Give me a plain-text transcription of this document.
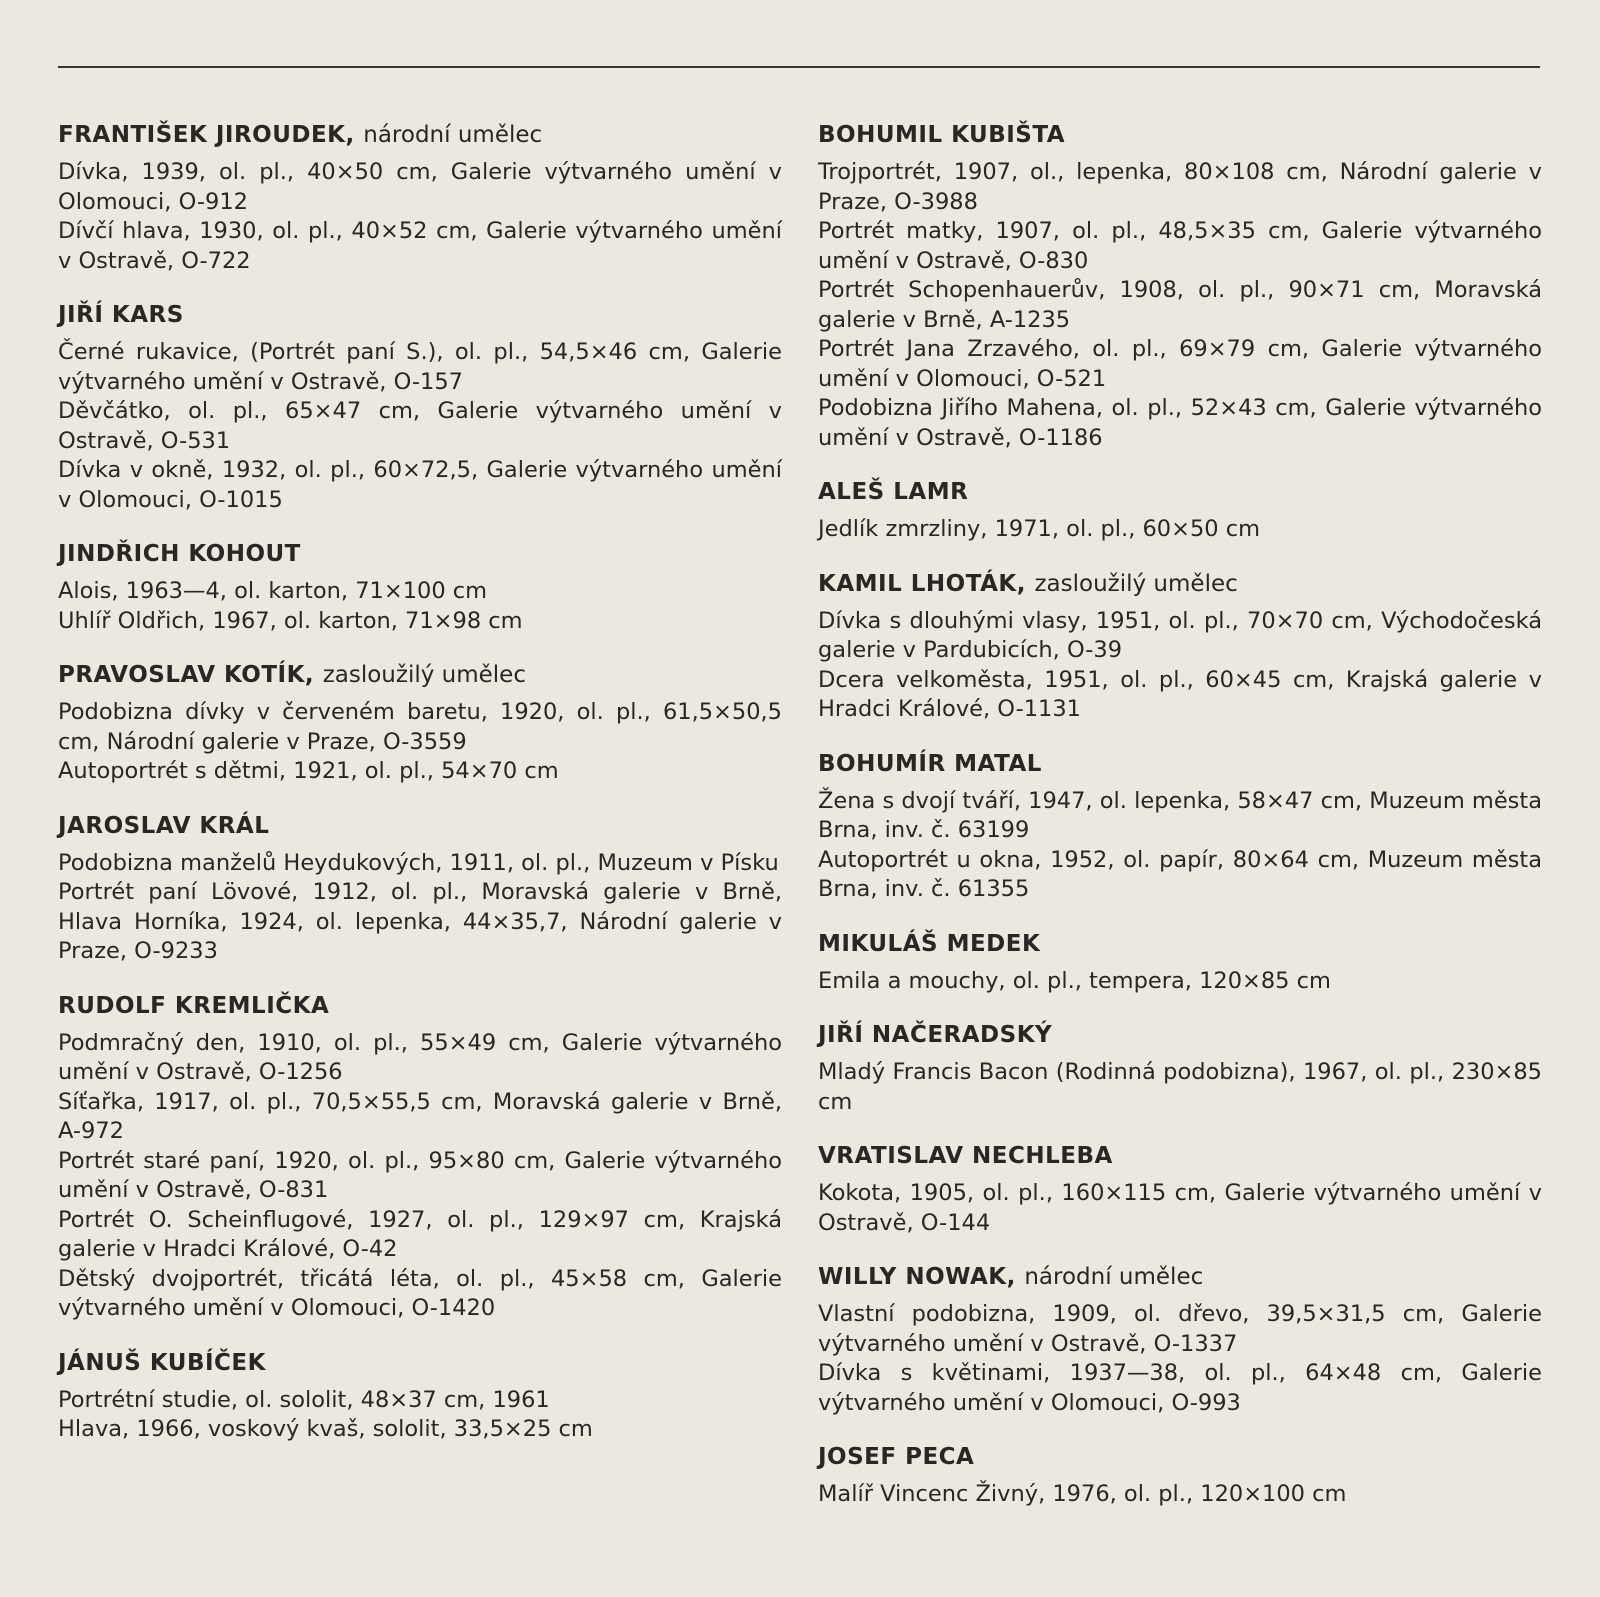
FRANTIŠEK JIROUDEK, národní umělec
Dívka, 1939, ol. pl., 40×50 cm, Galerie výtvarného umění v Olomouci, O-912
Dívčí hlava, 1930, ol. pl., 40×52 cm, Galerie výtvarného umění v Ostravě, O-722
JIŘÍ KARS
Černé rukavice, (Portrét paní S.), ol. pl., 54,5×46 cm, Galerie výtvarného umění v Ostravě, O-157
Děvčátko, ol. pl., 65×47 cm, Galerie výtvarného umění v Ostravě, O-531
Dívka v okně, 1932, ol. pl., 60×72,5, Galerie výtvarného umění v Olomouci, O-1015
JINDŘICH KOHOUT
Alois, 1963—4, ol. karton, 71×100 cm
Uhlíř Oldřich, 1967, ol. karton, 71×98 cm
PRAVOSLAV KOTÍK, zasloužilý umělec
Podobizna dívky v červeném baretu, 1920, ol. pl., 61,5×50,5 cm, Národní galerie v Praze, O-3559
Autoportrét s dětmi, 1921, ol. pl., 54×70 cm
JAROSLAV KRÁL
Podobizna manželů Heydukových, 1911, ol. pl., Muzeum v Písku
Portrét paní Lövové, 1912, ol. pl., Moravská galerie v Brně, Hlava Horníka, 1924, ol. lepenka, 44×35,7, Národní galerie v Praze, O-9233
RUDOLF KREMLIČKA
Podmračný den, 1910, ol. pl., 55×49 cm, Galerie výtvarného umění v Ostravě, O-1256
Síťařka, 1917, ol. pl., 70,5×55,5 cm, Moravská galerie v Brně, A-972
Portrét staré paní, 1920, ol. pl., 95×80 cm, Galerie výtvarného umění v Ostravě, O-831
Portrét O. Scheinflugové, 1927, ol. pl., 129×97 cm, Krajská galerie v Hradci Králové, O-42
Dětský dvojportrét, třicátá léta, ol. pl., 45×58 cm, Galerie výtvarného umění v Olomouci, O-1420
JÁNUŠ KUBÍČEK
Portrétní studie, ol. sololit, 48×37 cm, 1961
Hlava, 1966, voskový kvaš, sololit, 33,5×25 cm
BOHUMIL KUBIŠTA
Trojportrét, 1907, ol., lepenka, 80×108 cm, Národní galerie v Praze, O-3988
Portrét matky, 1907, ol. pl., 48,5×35 cm, Galerie výtvarného umění v Ostravě, O-830
Portrét Schopenhauerův, 1908, ol. pl., 90×71 cm, Moravská galerie v Brně, A-1235
Portrét Jana Zrzavého, ol. pl., 69×79 cm, Galerie výtvarného umění v Olomouci, O-521
Podobizna Jiřího Mahena, ol. pl., 52×43 cm, Galerie výtvarného umění v Ostravě, O-1186
ALEŠ LAMR
Jedlík zmrzliny, 1971, ol. pl., 60×50 cm
KAMIL LHOTÁK, zasloužilý umělec
Dívka s dlouhými vlasy, 1951, ol. pl., 70×70 cm, Východočeská galerie v Pardubicích, O-39
Dcera velkoměsta, 1951, ol. pl., 60×45 cm, Krajská galerie v Hradci Králové, O-1131
BOHUMÍR MATAL
Žena s dvojí tváří, 1947, ol. lepenka, 58×47 cm, Muzeum města Brna, inv. č. 63199
Autoportrét u okna, 1952, ol. papír, 80×64 cm, Muzeum města Brna, inv. č. 61355
MIKULÁŠ MEDEK
Emila a mouchy, ol. pl., tempera, 120×85 cm
JIŘÍ NAČERADSKÝ
Mladý Francis Bacon (Rodinná podobizna), 1967, ol. pl., 230×85 cm
VRATISLAV NECHLEBA
Kokota, 1905, ol. pl., 160×115 cm, Galerie výtvarného umění v Ostravě, O-144
WILLY NOWAK, národní umělec
Vlastní podobizna, 1909, ol. dřevo, 39,5×31,5 cm, Galerie výtvarného umění v Ostravě, O-1337
Dívka s květinami, 1937—38, ol. pl., 64×48 cm, Galerie výtvarného umění v Olomouci, O-993
JOSEF PECA
Malíř Vincenc Živný, 1976, ol. pl., 120×100 cm
